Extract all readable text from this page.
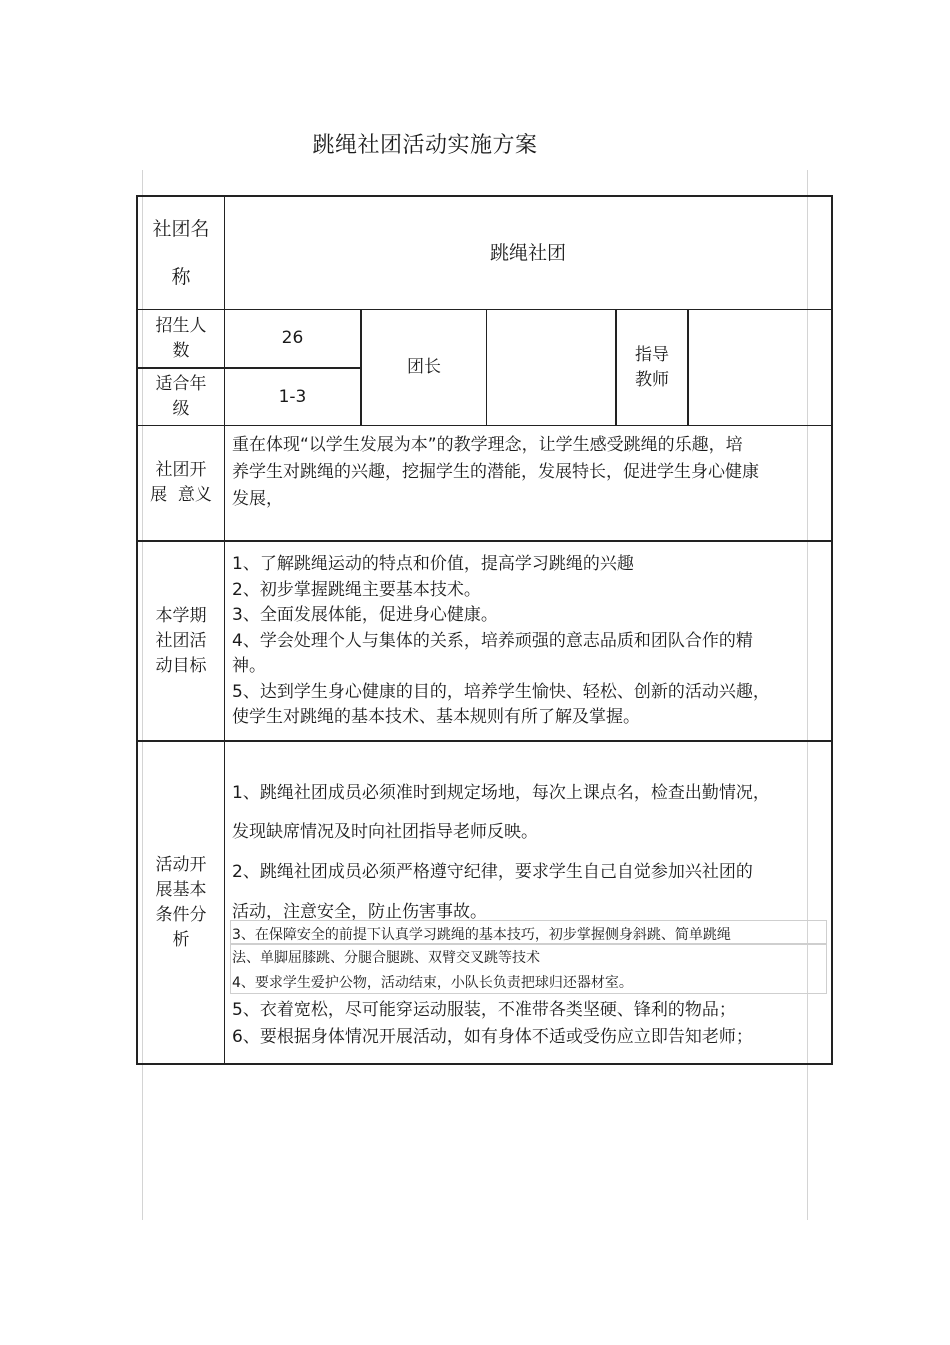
跳绳社团活动实施方案
社团名
称
跳绳社团
招生人
数
26
适合年
级
1-3
团长
指导
教师
社团开
展  意义
重在体现“以学生发展为本”的教学理念，让学生感受跳绳的乐趣，培
养学生对跳绳的兴趣，挖掘学生的潜能，发展特长，促进学生身心健康
发展，
本学期
社团活
动目标
1、了解跳绳运动的特点和价值，提高学习跳绳的兴趣
2、初步掌握跳绳主要基本技术。
3、全面发展体能，促进身心健康。
4、学会处理个人与集体的关系，培养顽强的意志品质和团队合作的精
神。
5、达到学生身心健康的目的，培养学生愉快、轻松、创新的活动兴趣，
使学生对跳绳的基本技术、基本规则有所了解及掌握。
活动开
展基本
条件分
析
1、跳绳社团成员必须准时到规定场地，每次上课点名，检查出勤情况，
发现缺席情况及时向社团指导老师反映。
2、跳绳社团成员必须严格遵守纪律，要求学生自己自觉参加兴社团的
活动，注意安全，防止伤害事故。
3、在保障安全的前提下认真学习跳绳的基本技巧，初步掌握侧身斜跳、简单跳绳
法、单脚屈膝跳、分腿合腿跳、双臂交叉跳等技术
4、要求学生爱护公物，活动结束，小队长负责把球归还器材室。
5、衣着宽松，尽可能穿运动服装，不准带各类坚硬、锋利的物品；
6、要根据身体情况开展活动，如有身体不适或受伤应立即告知老师；
